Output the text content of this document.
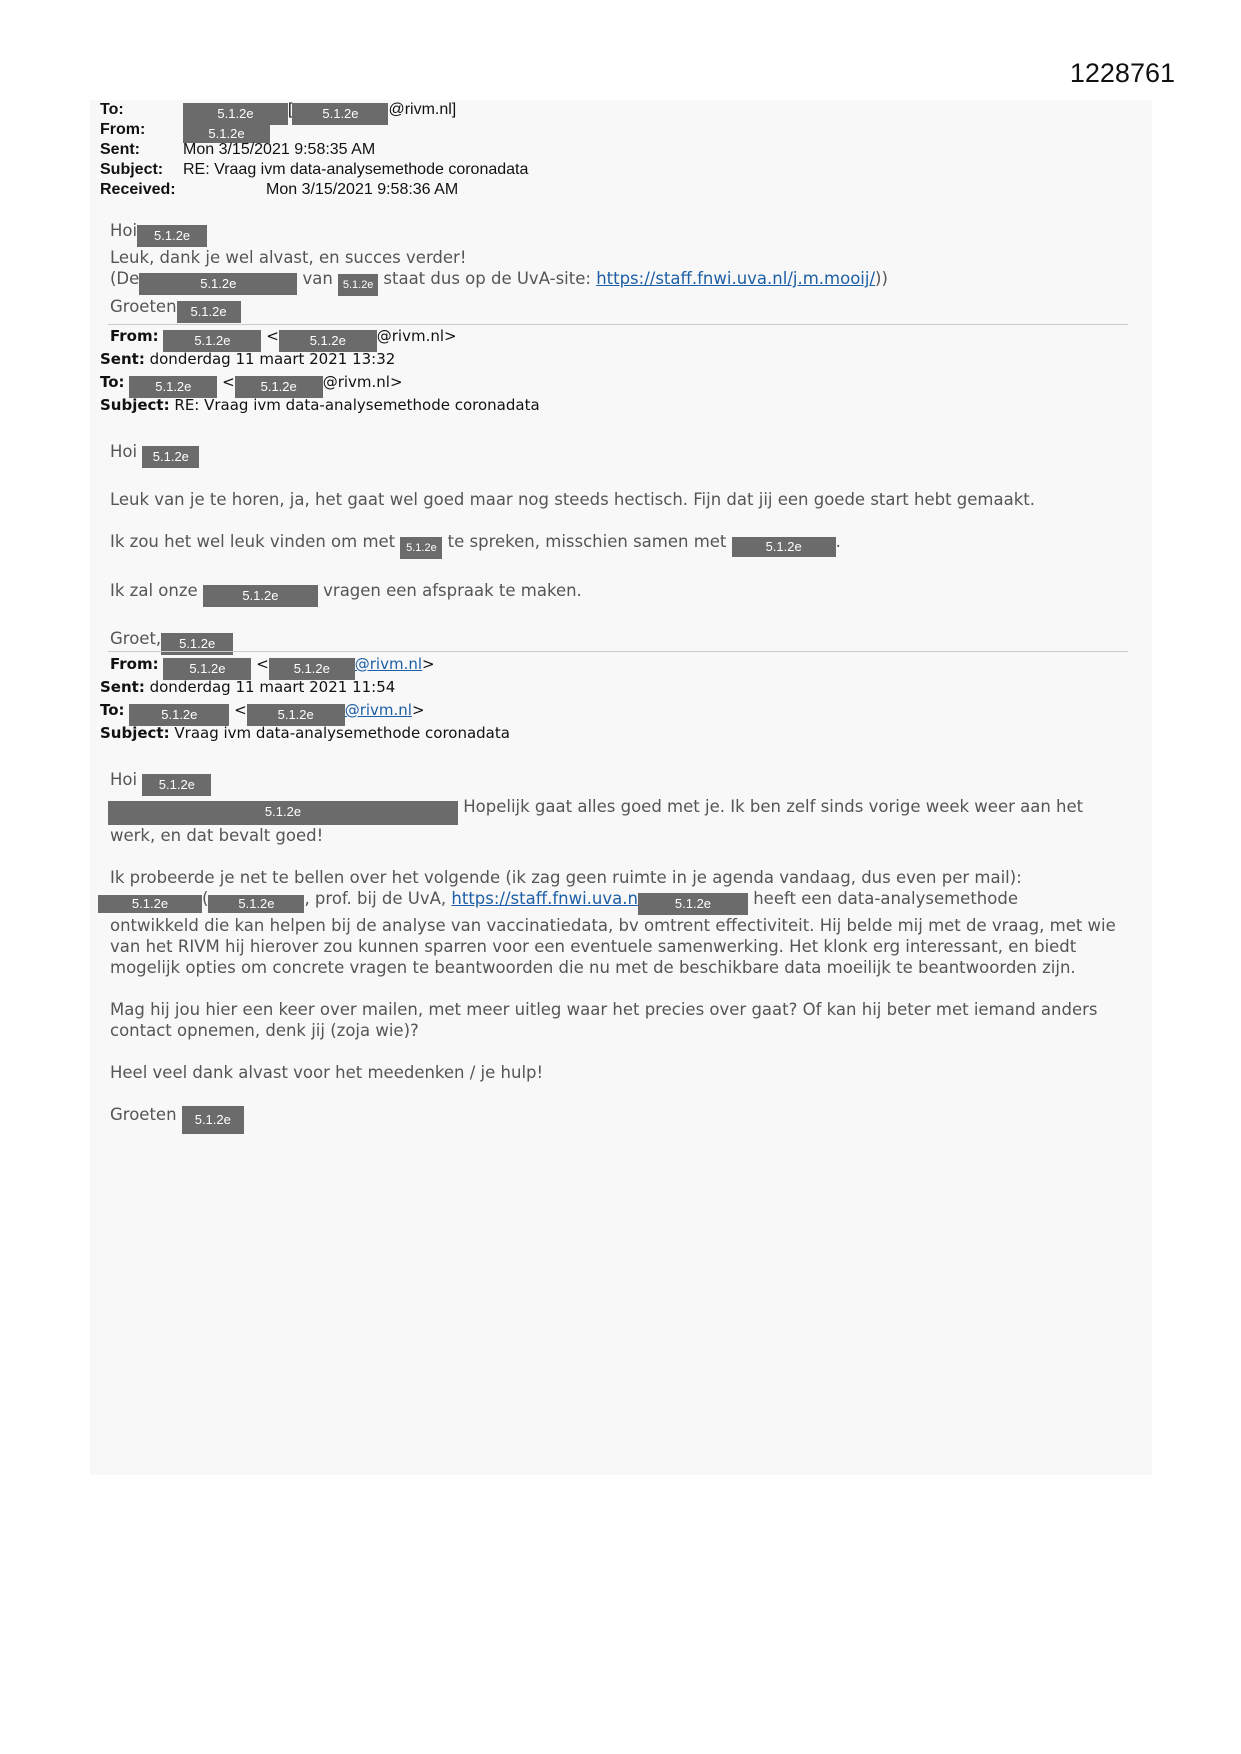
1228761
To:	5.1.2e [ 5.1.2e @rivm.nl]
From:	5.1.2e
Sent:	Mon 3/15/2021 9:58:35 AM
Subject: RE: Vraag ivm data-analysemethode coronadata
Received:	Mon 3/15/2021 9:58:36 AM

Hoi 5.1.2e

Leuk, dank je wel alvast, en succes verder!

(De	5.1.2e	van 5.1.2e staat dus op de UvA-site: https://staff.fnwi.uva.nl/j.m.mooij/))

Groeten 5.1.2e

From:	5.1.2e < 5.1.2e @rivm.nl>
Sent: donderdag 11 maart 2021 13:32
To: 5.1.2e < 5.1.2e @rivm.nl>
Subject: RE: Vraag ivm data-analysemethode coronadata

Hoi 5.1.2e

Leuk van je te horen, ja, het gaat wel goed maar nog steeds hectisch. Fijn dat jij een goede start hebt gemaakt.

Ik zou het wel leuk vinden om met 5.1.2e te spreken, misschien samen met	5.1.2e .

Ik zal onze	5.1.2e	vragen een afspraak te maken.

Groet, 5.1.2e

From: 5.1.2e < 5.1.2e @rivm.nl>
Sent: donderdag 11 maart 2021 11:54
To:	5.1.2e < 5.1.2e @rivm.nl>
Subject: Vraag ivm data-analysemethode coronadata

Hoi 5.1.2e

5.1.2e	Hopelijk gaat alles goed met je. Ik ben zelf sinds vorige week weer aan het

werk, en dat bevalt goed!

Ik probeerde je net te bellen over het volgende (ik zag geen ruimte in je agenda vandaag, dus even per mail):

5.1.2e ( 5.1.2e , prof. bij de UvA, https://staff.fnwi.uva.n	5.1.2e	heeft een data-analysemethode

ontwikkeld die kan helpen bij de analyse van vaccinatiedata, bv omtrent effectiviteit. Hij belde mij met de vraag, met wie van het RIVM hij hierover zou kunnen sparren voor een eventuele samenwerking. Het klonk erg interessant, en biedt mogelijk opties om concrete vragen te beantwoorden die nu met de beschikbare data moeilijk te beantwoorden zijn.

Mag hij jou hier een keer over mailen, met meer uitleg waar het precies over gaat? Of kan hij beter met iemand anders contact opnemen, denk jij (zoja wie)?

Heel veel dank alvast voor het meedenken / je hulp!

Groeten 5.1.2e
